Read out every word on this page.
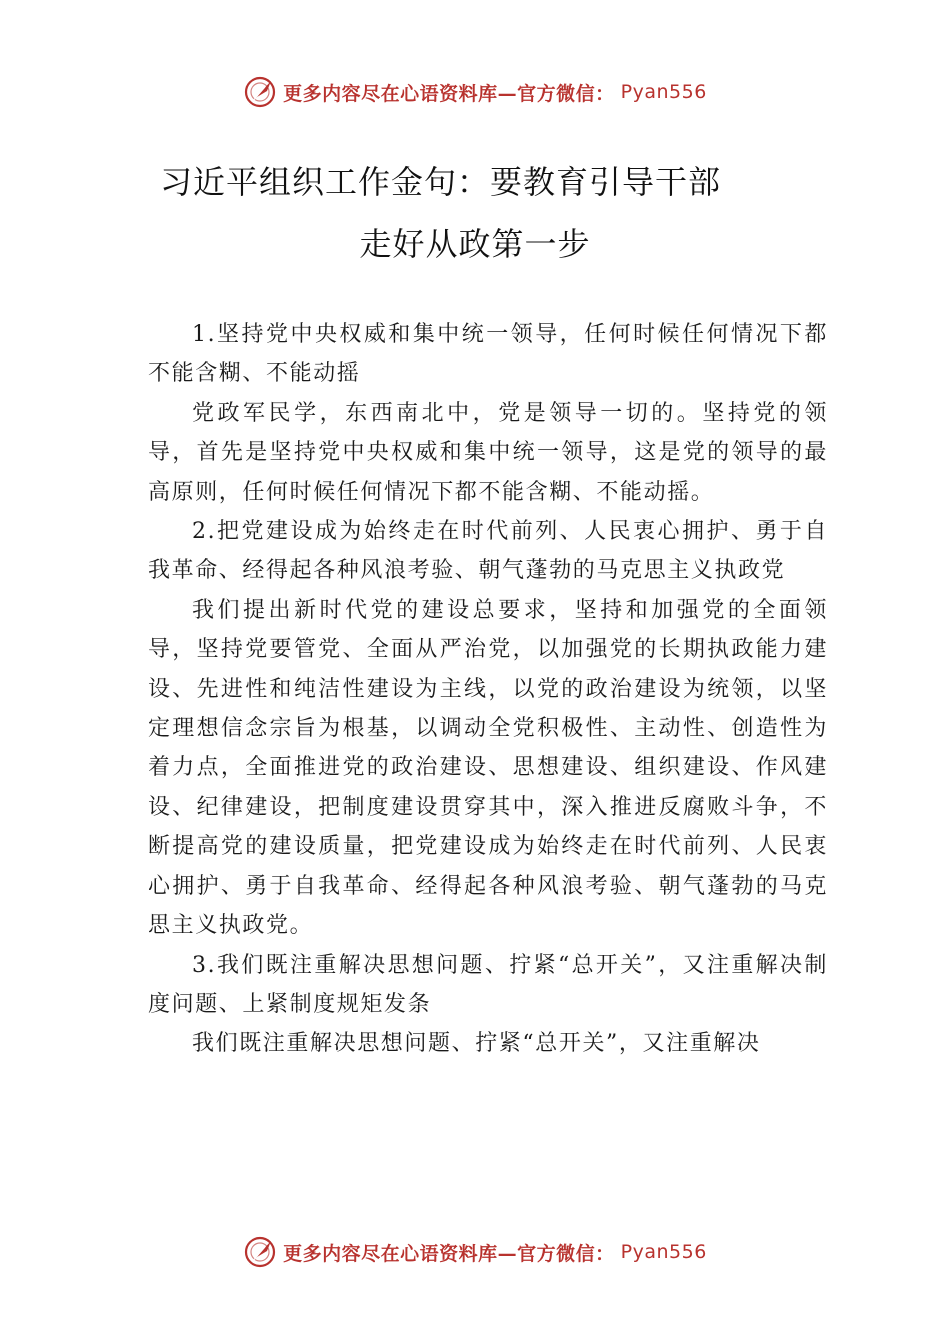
更多内容尽在心语资料库—官方微信： Pyan556
习近平组织工作金句：要教育引导干部
走好从政第一步

1.坚持党中央权威和集中统一领导，任何时候任何情况下都不能含糊、不能动摇

党政军民学，东西南北中，党是领导一切的。坚持党的领导，首先是坚持党中央权威和集中统一领导，这是党的领导的最高原则，任何时候任何情况下都不能含糊、不能动摇。

2.把党建设成为始终走在时代前列、人民衷心拥护、勇于自我革命、经得起各种风浪考验、朝气蓬勃的马克思主义执政党

我们提出新时代党的建设总要求，坚持和加强党的全面领导，坚持党要管党、全面从严治党，以加强党的长期执政能力建设、先进性和纯洁性建设为主线，以党的政治建设为统领，以坚定理想信念宗旨为根基，以调动全党积极性、主动性、创造性为着力点，全面推进党的政治建设、思想建设、组织建设、作风建设、纪律建设，把制度建设贯穿其中，深入推进反腐败斗争，不断提高党的建设质量，把党建设成为始终走在时代前列、人民衷心拥护、勇于自我革命、经得起各种风浪考验、朝气蓬勃的马克思主义执政党。

3.我们既注重解决思想问题、拧紧“总开关”，又注重解决制度问题、上紧制度规矩发条

我们既注重解决思想问题、拧紧“总开关”，又注重解决

更多内容尽在心语资料库—官方微信： Pyan556
